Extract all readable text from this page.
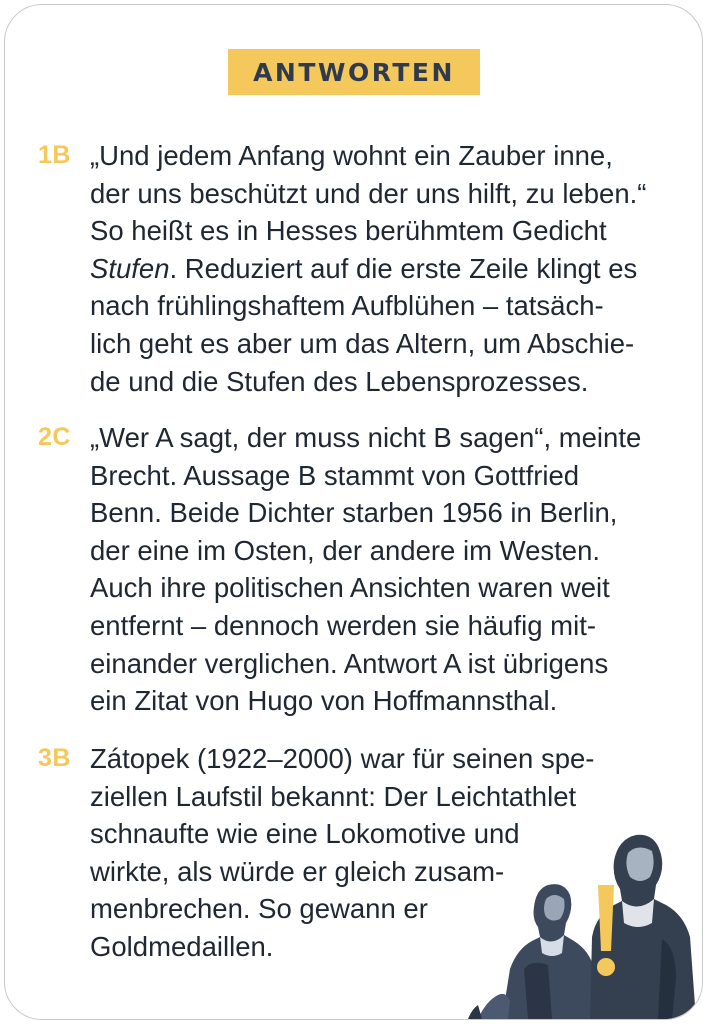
ANTWORTEN
1B „Und jedem Anfang wohnt ein Zauber inne,
der uns beschützt und der uns hilft, zu leben.“
So heißt es in Hesses berühmtem Gedicht
Stufen. Reduziert auf die erste Zeile klingt es
nach frühlingshaftem Aufblühen – tatsäch-
lich geht es aber um das Altern, um Abschie-
de und die Stufen des Lebensprozesses.
2C „Wer A sagt, der muss nicht B sagen“, meinte
Brecht. Aussage B stammt von Gottfried
Benn. Beide Dichter starben 1956 in Berlin,
der eine im Osten, der andere im Westen.
Auch ihre politischen Ansichten waren weit
entfernt – dennoch werden sie häufig mit-
einander verglichen. Antwort A ist übrigens
ein Zitat von Hugo von Hoffmannsthal.
3B Zátopek (1922–2000) war für seinen spe-
ziellen Laufstil bekannt: Der Leichtathlet
schnaufte wie eine Lokomotive und
wirkte, als würde er gleich zusam-
menbrechen. So gewann er
Goldmedaillen.
